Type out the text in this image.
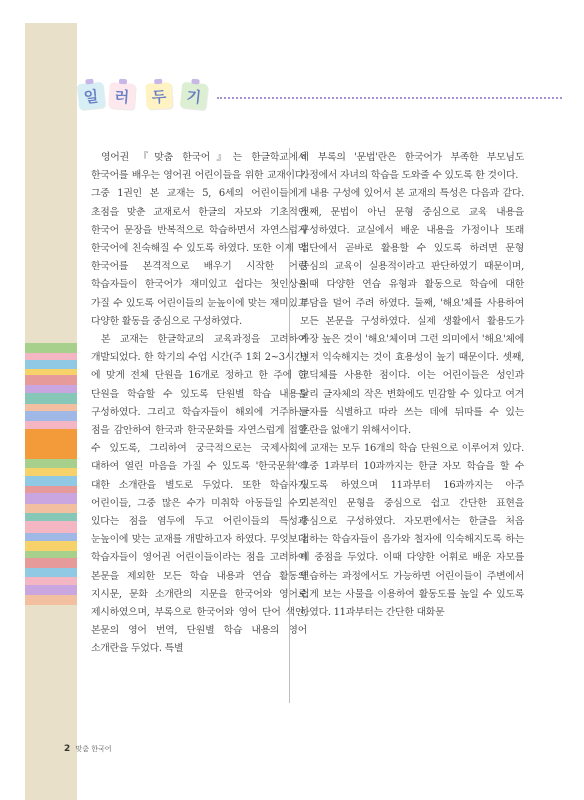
일 러 두 기

영어권 『맞춤 한국어』는 한글학교에서 한국어를 배우는 영어권 어린이들을 위한 교재이다. 그중 1권인 본 교재는 5, 6세의 어린이들에게 초점을 맞춘 교재로서 한글의 자모와 기초적인 한국어 문장을 반복적으로 학습하면서 자연스럽게 한국어에 친숙해질 수 있도록 하였다. 또한 이제 막 한국어를 본격적으로 배우기 시작한 어린 학습자들이 한국어가 재미있고 쉽다는 첫인상을 가질 수 있도록 어린이들의 눈높이에 맞는 재미있고 다양한 활동을 중심으로 구성하였다.

본 교재는 한글학교의 교육과정을 고려하여 개발되었다. 한 학기의 수업 시간(주 1회 2~3시간)에 맞게 전체 단원을 16개로 정하고 한 주에 한 단원을 학습할 수 있도록 단원별 학습 내용을 구성하였다. 그리고 학습자들이 해외에 거주하는 점을 감안하여 한국과 한국문화를 자연스럽게 접할 수 있도록, 그리하여 궁극적으로는 국제사회에 대하여 열린 마음을 가질 수 있도록 '한국문화'에 대한 소개란을 별도로 두었다. 또한 학습자가 어린이들, 그중 많은 수가 미취학 아동들일 수도 있다는 점을 염두에 두고 어린이들의 특성과 눈높이에 맞는 교재를 개발하고자 하였다. 무엇보다 학습자들이 영어권 어린이들이라는 점을 고려하여 본문을 제외한 모든 학습 내용과 연습 활동의 지시문, 문화 소개란의 지문을 한국어와 영어로 제시하였으며, 부록으로 한국어와 영어 단어 색인, 본문의 영어 번역, 단원별 학습 내용의 영어 소개란을 두었다. 특별

히 부록의 '문법'란은 한국어가 부족한 부모님도 가정에서 자녀의 학습을 도와줄 수 있도록 한 것이다.

내용 구성에 있어서 본 교재의 특성은 다음과 같다. 첫째, 문법이 아닌 문형 중심으로 교육 내용을 구성하였다. 교실에서 배운 내용을 가정이나 또래 집단에서 곧바로 활용할 수 있도록 하려면 문형 중심의 교육이 실용적이라고 판단하였기 때문이며, 이때 다양한 연습 유형과 활동으로 학습에 대한 부담을 덜어 주려 하였다. 둘째, '해요'체를 사용하여 모든 본문을 구성하였다. 실제 생활에서 활용도가 가장 높은 것이 '해요'체이며 그런 의미에서 '해요'체에 먼저 익숙해지는 것이 효용성이 높기 때문이다. 셋째, 고딕체를 사용한 점이다. 이는 어린이들은 성인과 달리 글자체의 작은 변화에도 민감할 수 있다고 여겨 글자를 식별하고 따라 쓰는 데에 뒤따를 수 있는 혼란을 없애기 위해서이다.

교재는 모두 16개의 학습 단원으로 이루어져 있다. 그중 1과부터 10과까지는 한글 자모 학습을 할 수 있도록 하였으며 11과부터 16과까지는 아주 기본적인 문형을 중심으로 쉽고 간단한 표현을 중심으로 구성하였다. 자모편에서는 한글을 처음 접하는 학습자들이 음가와 철자에 익숙해지도록 하는 데 중점을 두었다. 이때 다양한 어휘로 배운 자모를 연습하는 과정에서도 가능하면 어린이들이 주변에서 쉽게 보는 사물을 이용하여 활동도를 높일 수 있도록 하였다. 11과부터는 간단한 대화문

2 맞춤 한국어
